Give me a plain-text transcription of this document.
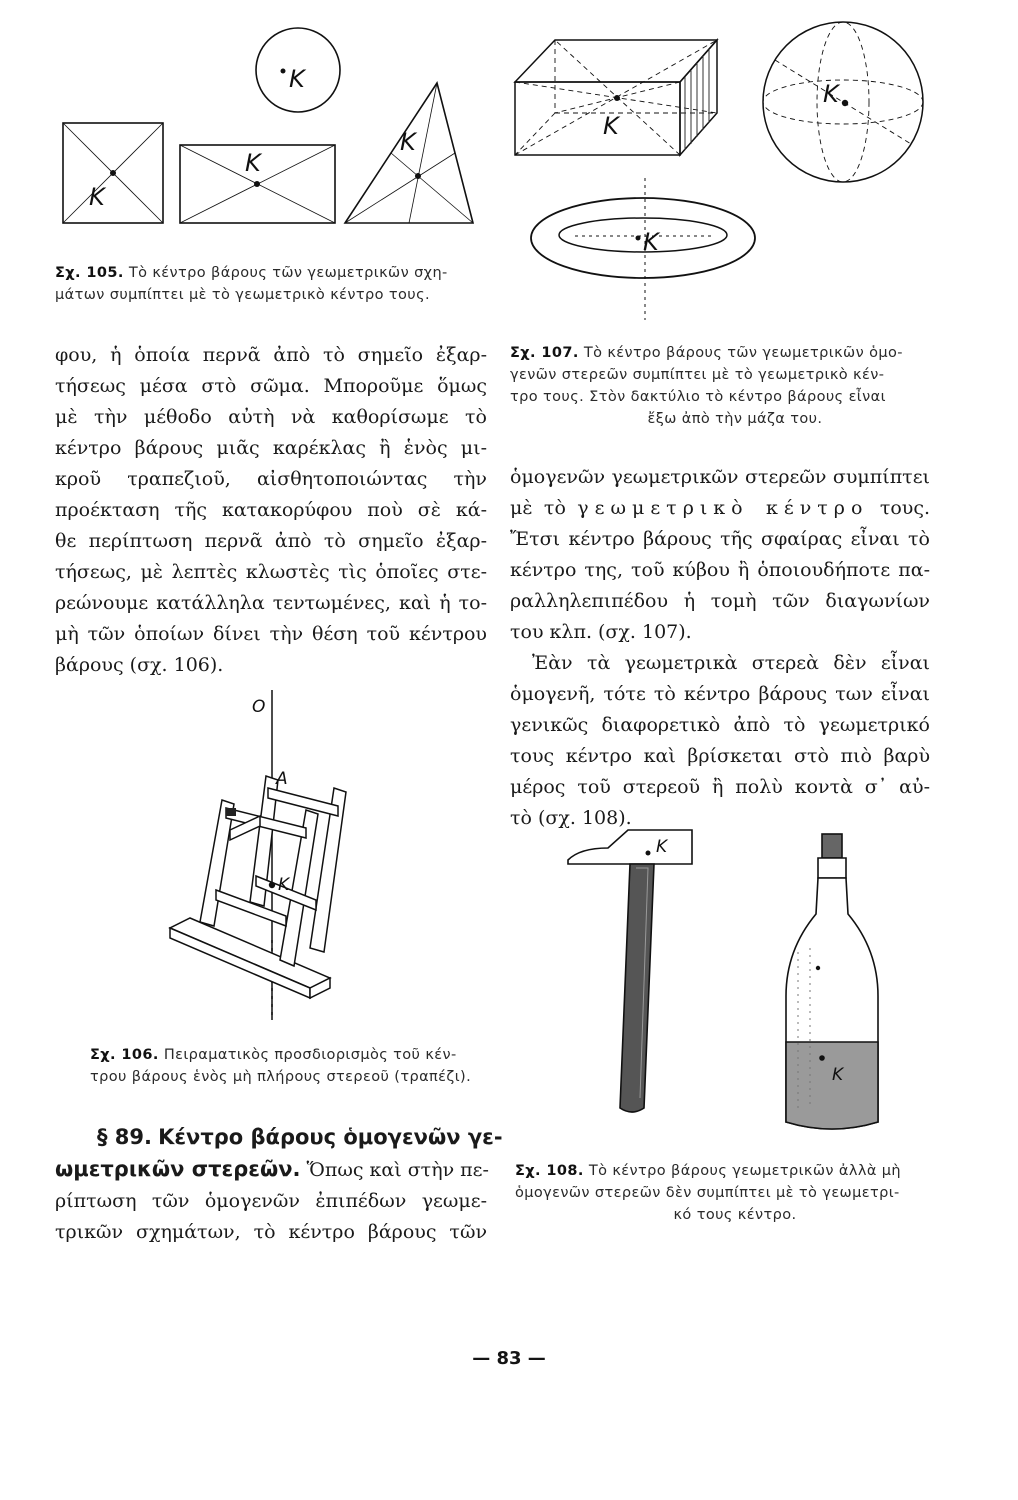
K
K
K
K
Σχ. 105. Τὸ κέντρο βάρους τῶν γεωμετρικῶν σχη-
μάτων συμπίπτει μὲ τὸ γεωμετρικὸ κέντρο τους.
K
K
K
Σχ. 107. Τὸ κέντρο βάρους τῶν γεωμετρικῶν ὁμο-
γενῶν στερεῶν συμπίπτει μὲ τὸ γεωμετρικὸ κέν-
τρο τους. Στὸν δακτύλιο τὸ κέντρο βάρους εἶναι
ἔξω ἀπὸ τὴν μάζα του.
φου, ἡ ὁποία περνᾶ ἀπὸ τὸ σημεῖο ἐξαρ-
τήσεως μέσα στὸ σῶμα. Μποροῦμε ὅμως
μὲ τὴν μέθοδο αὐτὴ νὰ καθορίσωμε τὸ
κέντρο βάρους μιᾶς καρέκλας ἢ ἑνὸς μι-
κροῦ τραπεζιοῦ, αἰσθητοποιώντας τὴν
προέκταση τῆς κατακορύφου ποὺ σὲ κά-
θε περίπτωση περνᾶ ἀπὸ τὸ σημεῖο ἐξαρ-
τήσεως, μὲ λεπτὲς κλωστὲς τὶς ὁποῖες στε-
ρεώνουμε κατάλληλα τεντωμένες, καὶ ἡ το-
μὴ τῶν ὁποίων δίνει τὴν θέση τοῦ κέντρου
βάρους (σχ. 106).
ὁμογενῶν γεωμετρικῶν στερεῶν συμπίπτει
μὲ τὸ γεωμετρικὸ κέντρο τους.
Ἔτσι κέντρο βάρους τῆς σφαίρας εἶναι τὸ
κέντρο της, τοῦ κύβου ἢ ὁποιουδήποτε πα-
ραλληλεπιπέδου ἡ τομὴ τῶν διαγωνίων
του κλπ. (σχ. 107).
Ἐὰν τὰ γεωμετρικὰ στερεὰ δὲν εἶναι
ὁμογενῆ, τότε τὸ κέντρο βάρους των εἶναι
γενικῶς διαφορετικὸ ἀπὸ τὸ γεωμετρικό
τους κέντρο καὶ βρίσκεται στὸ πιὸ βαρὺ
μέρος τοῦ στερεοῦ ἢ πολὺ κοντὰ σ᾽ αὐ-
τὸ (σχ. 108).
O
A
K
Σχ. 106. Πειραματικὸς προσδιορισμὸς τοῦ κέν-
τρου βάρους ἑνὸς μὴ πλήρους στερεοῦ (τραπέζι).
§ 89. Κέντρο βάρους ὁμογενῶν γε-
ωμετρικῶν στερεῶν. Ὅπως καὶ στὴν πε-
ρίπτωση τῶν ὁμογενῶν ἐπιπέδων γεωμε-
τρικῶν σχημάτων, τὸ κέντρο βάρους τῶν
K
K
Σχ. 108. Τὸ κέντρο βάρους γεωμετρικῶν ἀλλὰ μὴ
ὁμογενῶν στερεῶν δὲν συμπίπτει μὲ τὸ γεωμετρι-
κό τους κέντρο.
— 83 —
